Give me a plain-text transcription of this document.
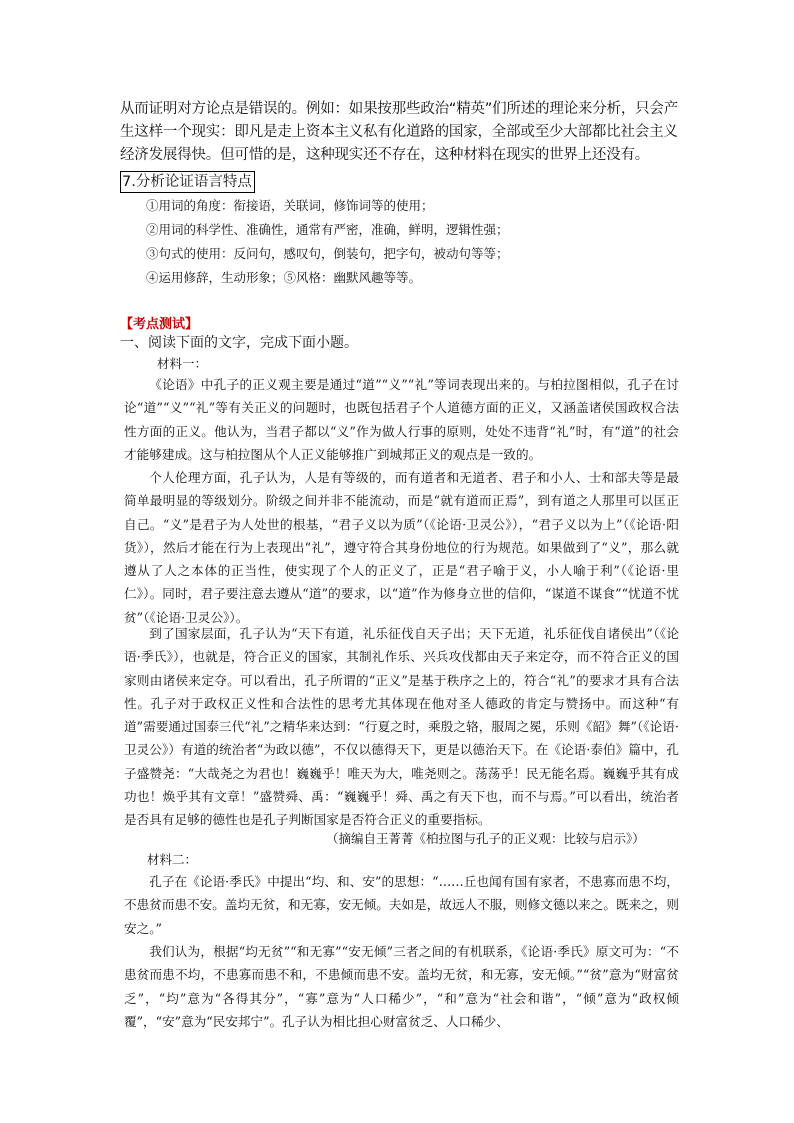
从而证明对方论点是错误的。例如：如果按那些政治“精英”们所述的理论来分析，只会产生这样一个现实：即凡是走上资本主义私有化道路的国家，全部或至少大部都比社会主义经济发展得快。但可惜的是，这种现实还不存在，这种材料在现实的世界上还没有。

7.分析论证语言特点

①用词的角度：衔接语，关联词，修饰词等的使用；

②用词的科学性、准确性，通常有严密，准确，鲜明，逻辑性强；

③句式的使用：反问句，感叹句，倒装句，把字句，被动句等等；

④运用修辞，生动形象；⑤风格：幽默风趣等等。

【考点测试】
一、阅读下面的文字，完成下面小题。
材料一：

《论语》中孔子的正义观主要是通过“道”“义”“礼”等词表现出来的。与柏拉图相似，孔子在讨论“道”“义”“礼”等有关正义的问题时，也既包括君子个人道德方面的正义，又涵盖诸侯国政权合法性方面的正义。他认为，当君子都以“义”作为做人行事的原则，处处不违背“礼”时，有“道”的社会才能够建成。这与柏拉图从个人正义能够推广到城邦正义的观点是一致的。

个人伦理方面，孔子认为，人是有等级的，而有道者和无道者、君子和小人、士和部夫等是最简单最明显的等级划分。阶级之间并非不能流动，而是“就有道而正焉”，到有道之人那里可以匡正自己。“义”是君子为人处世的根基，“君子义以为质”（《论语·卫灵公》），“君子义以为上”（《论语·阳货》），然后才能在行为上表现出“礼”，遵守符合其身份地位的行为规范。如果做到了“义”，那么就遵从了人之本体的正当性，使实现了个人的正义了，正是“君子喻于义，小人喻于利”（《论语·里仁》）。同时，君子要注意去遵从“道”的要求，以“道”作为修身立世的信仰，“谋道不谋食”“忧道不忧贫”（《论语·卫灵公》）。

到了国家层面，孔子认为“天下有道，礼乐征伐自天子出；天下无道，礼乐征伐自诸侯出”（《论语·季氏》），也就是，符合正义的国家，其制礼作乐、兴兵攻伐都由天子来定夺，而不符合正义的国家则由诸侯来定夺。可以看出，孔子所谓的“正义”是基于秩序之上的，符合“礼”的要求才具有合法性。孔子对于政权正义性和合法性的思考尤其体现在他对圣人德政的肯定与赞扬中。而这种“有道”需要通过国泰三代“礼”之精华来达到：“行夏之时，乘殷之辂，服周之冕，乐则《韶》舞”（《论语·卫灵公》）有道的统治者“为政以德”，不仅以德得天下，更是以德治天下。在《论语·泰伯》篇中，孔子盛赞尧：“大哉尧之为君也！巍巍乎！唯天为大，唯尧则之。荡荡乎！民无能名焉。巍巍乎其有成功也！焕乎其有文章！”盛赞舜、禹：“巍巍乎！舜、禹之有天下也，而不与焉。”可以看出，统治者是否具有足够的德性也是孔子判断国家是否符合正义的重要指标。

（摘编自王菁菁《柏拉图与孔子的正义观：比较与启示》）
材料二：

孔子在《论语·季氏》中提出“均、和、安”的思想：“……丘也闻有国有家者，不患寡而患不均，不患贫而患不安。盖均无贫，和无寡，安无倾。夫如是，故远人不服，则修文德以来之。既来之，则安之。”

我们认为，根据“均无贫”“和无寡”“安无倾”三者之间的有机联系，《论语·季氏》原文可为：“不患贫而患不均，不患寡而患不和，不患倾而患不安。盖均无贫，和无寡，安无倾。”“贫”意为“财富贫乏”，“均”意为“各得其分”，“寡”意为“人口稀少”，“和”意为“社会和谐”，“倾”意为“政权倾覆”，“安”意为“民安邦宁”。孔子认为相比担心财富贫乏、人口稀少、
